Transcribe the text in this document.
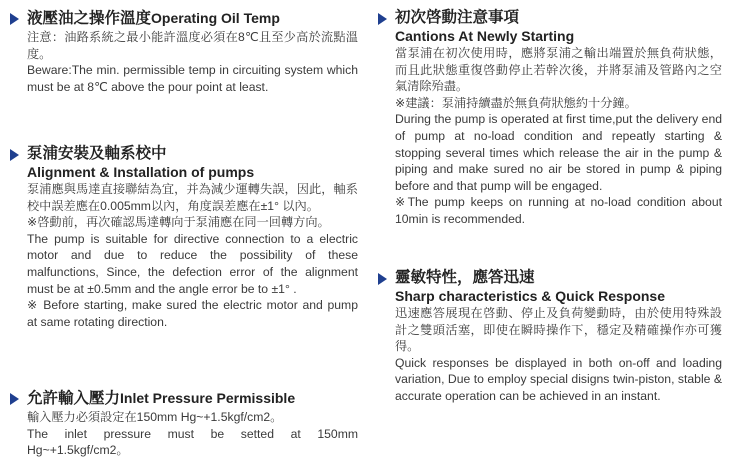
液壓油之操作溫度Operating Oil Temp

注意：油路系統之最小能許溫度必須在8℃且至少高於流點溫度。

Beware:The min. permissible temp in circuiting system which must be at 8℃ above the pour point at least.

泵浦安裝及軸系校中
Alignment & Installation of pumps

泵浦應與馬達直接聯結為宜，并為減少運轉失誤，因此，軸系校中誤差應在0.005mm以內，角度誤差應在±1° 以內。

※啓動前，再次確認馬達轉向于泵浦應在同一回轉方向。

The pump is suitable for directive connection to a electric motor and due to reduce the possibility of these malfunctions, Since, the defection error of the alignment must be at ±0.5mm and the angle error be to ±1° .

※ Before starting, make sured the electric motor and pump at same rotating direction.

允許輸入壓力Inlet Pressure Permissible

輸入壓力必須設定在150mm Hg~+1.5kgf/cm2。

The inlet pressure must be setted at 150mm Hg~+1.5kgf/cm2。

初次啓動注意事項
Cantions At Newly Starting

當泵浦在初次使用時，應將泵浦之輸出端置於無負荷狀態，而且此狀態重復啓動停止若幹次後，并將泵浦及管路內之空氣清除殆盡。

※建議：泵浦持續盡於無負荷狀態約十分鐘。

During the pump is operated at first time,put the delivery end of pump at no-load condition and repeatly starting & stopping several times which release the air in the pump & piping and make sured no air be stored in pump & piping before and that pump will be engaged.

※The pump keeps on running at no-load condition about 10min is recommended.

靈敏特性，應答迅速
Sharp characteristics & Quick Response

迅速應答展現在啓動、停止及負荷變動時，由於使用特殊設計之雙頭活塞，即使在瞬時操作下，穩定及精確操作亦可獲得。

Quick responses be displayed in both on-off and loading variation, Due to employ special disigns twin-piston, stable & accurate operation can be achieved in an instant.
